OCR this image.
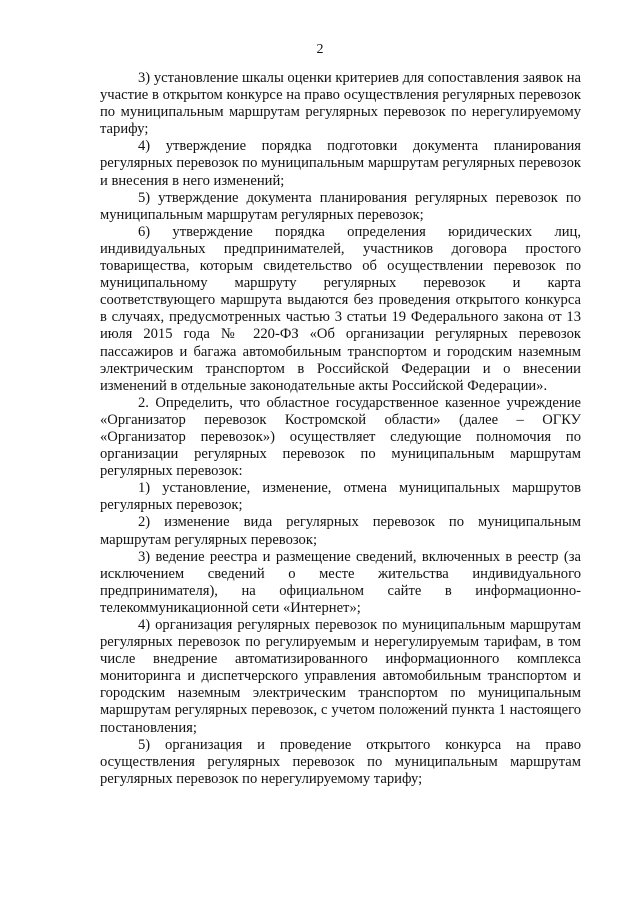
2

3) установление шкалы оценки критериев для сопоставления заявок на участие в открытом конкурсе на право осуществления регулярных перевозок по муниципальным маршрутам регулярных перевозок по нерегулируемому тарифу;

4) утверждение порядка подготовки документа планирования регулярных перевозок по муниципальным маршрутам регулярных перевозок и внесения в него изменений;

5) утверждение документа планирования регулярных перевозок по муниципальным маршрутам регулярных перевозок;

6) утверждение порядка определения юридических лиц, индивидуальных предпринимателей, участников договора простого товарищества, которым свидетельство об осуществлении перевозок по муниципальному маршруту регулярных перевозок и карта соответствующего маршрута выдаются без проведения открытого конкурса в случаях, предусмотренных частью 3 статьи 19 Федерального закона от 13 июля 2015 года № 220-ФЗ «Об организации регулярных перевозок пассажиров и багажа автомобильным транспортом и городским наземным электрическим транспортом в Российской Федерации и о внесении изменений в отдельные законодательные акты Российской Федерации».

2. Определить, что областное государственное казенное учреждение «Организатор перевозок Костромской области» (далее – ОГКУ «Организатор перевозок») осуществляет следующие полномочия по организации регулярных перевозок по муниципальным маршрутам регулярных перевозок:

1) установление, изменение, отмена муниципальных маршрутов регулярных перевозок;

2) изменение вида регулярных перевозок по муниципальным маршрутам регулярных перевозок;

3) ведение реестра и размещение сведений, включенных в реестр (за исключением сведений о месте жительства индивидуального предпринимателя), на официальном сайте в информационно-телекоммуникационной сети «Интернет»;

4) организация регулярных перевозок по муниципальным маршрутам регулярных перевозок по регулируемым и нерегулируемым тарифам, в том числе внедрение автоматизированного информационного комплекса мониторинга и диспетчерского управления автомобильным транспортом и городским наземным электрическим транспортом по муниципальным маршрутам регулярных перевозок, с учетом положений пункта 1 настоящего постановления;

5) организация и проведение открытого конкурса на право осуществления регулярных перевозок по муниципальным маршрутам регулярных перевозок по нерегулируемому тарифу;
